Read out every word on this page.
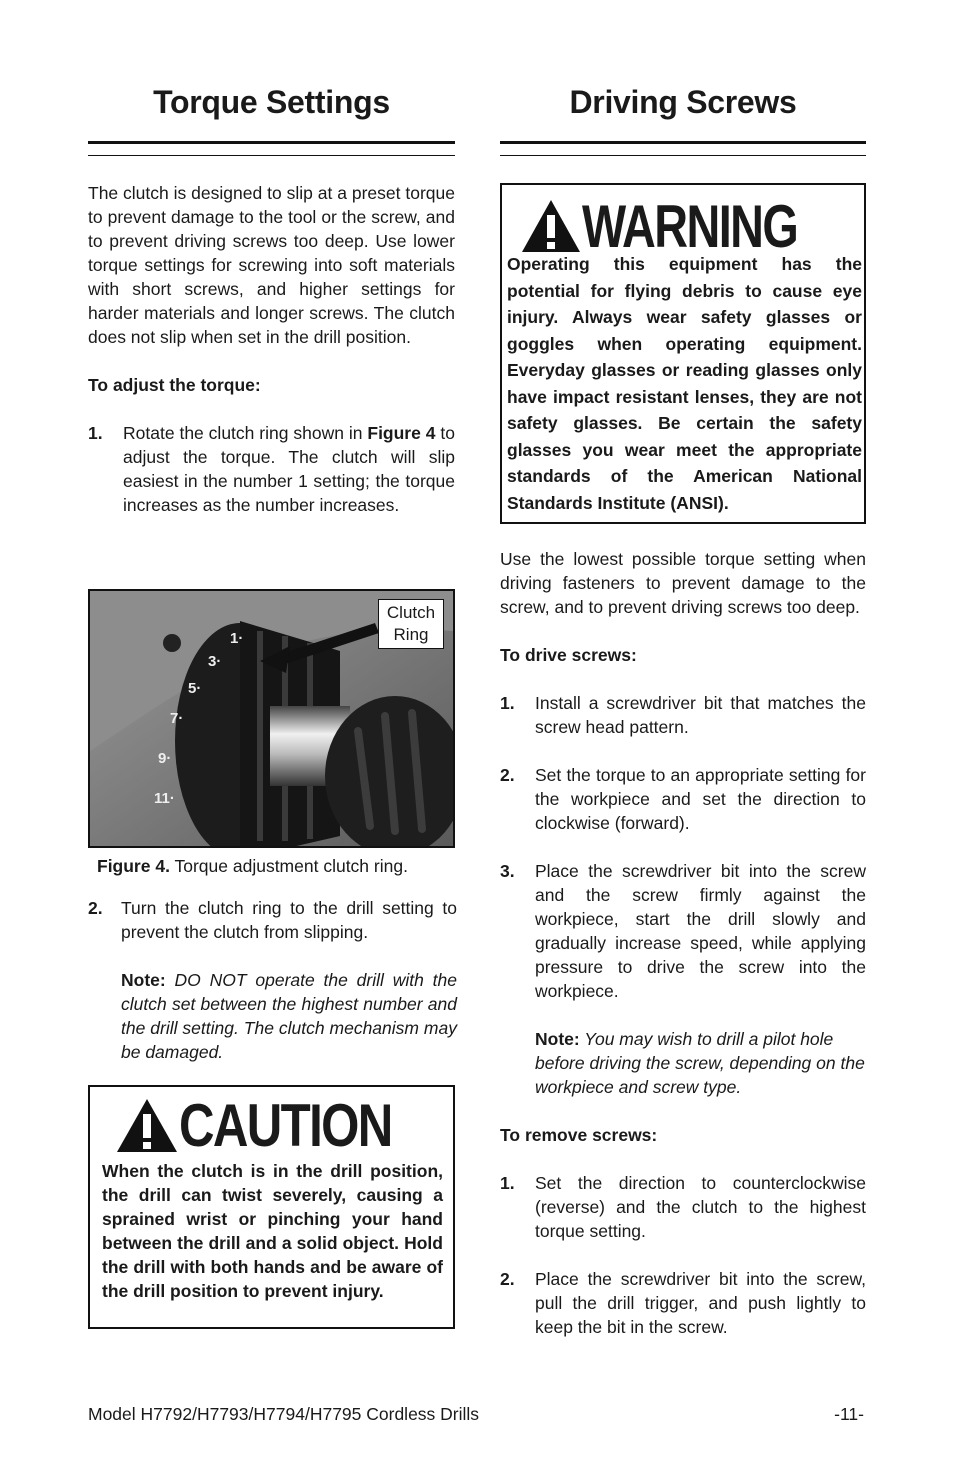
Torque Settings

The clutch is designed to slip at a preset torque to prevent damage to the tool or the screw, and to prevent driving screws too deep. Use lower torque settings for screwing into soft materials with short screws, and higher settings for harder materials and longer screws. The clutch does not slip when set in the drill position.

To adjust the torque:

1. Rotate the clutch ring shown in Figure 4 to adjust the torque. The clutch will slip easiest in the number 1 setting; the torque increases as the number increases.
1·
3·
5·
7·
9·
11·
Clutch Ring
Figure 4. Torque adjustment clutch ring.
2. Turn the clutch ring to the drill setting to prevent the clutch from slipping.
Note: DO NOT operate the drill with the clutch set between the highest number and the drill setting. The clutch mechanism may be damaged.
CAUTION
When the clutch is in the drill position, the drill can twist severely, causing a sprained wrist or pinching your hand between the drill and a solid object. Hold the drill with both hands and be aware of the drill position to prevent injury.
Driving Screws
WARNING
Operating this equipment has the potential for flying debris to cause eye injury. Always wear safety glasses or goggles when operating equipment. Everyday glasses or reading glasses only have impact resistant lenses, they are not safety glasses. Be certain the safety glasses you wear meet the appropriate standards of the American National Standards Institute (ANSI).

Use the lowest possible torque setting when driving fasteners to prevent damage to the screw, and to prevent driving screws too deep.

To drive screws:

1. Install a screwdriver bit that matches the screw head pattern.
2. Set the torque to an appropriate setting for the workpiece and set the direction to clockwise (forward).
3. Place the screwdriver bit into the screw and the screw firmly against the workpiece, start the drill slowly and gradually increase speed, while applying pressure to drive the screw into the workpiece.
Note: You may wish to drill a pilot hole before driving the screw, depending on the workpiece and screw type.

To remove screws:

1. Set the direction to counterclockwise (reverse) and the clutch to the highest torque setting.
2. Place the screwdriver bit into the screw, pull the drill trigger, and push lightly to keep the bit in the screw.
Model H7792/H7793/H7794/H7795 Cordless Drills	-11-
